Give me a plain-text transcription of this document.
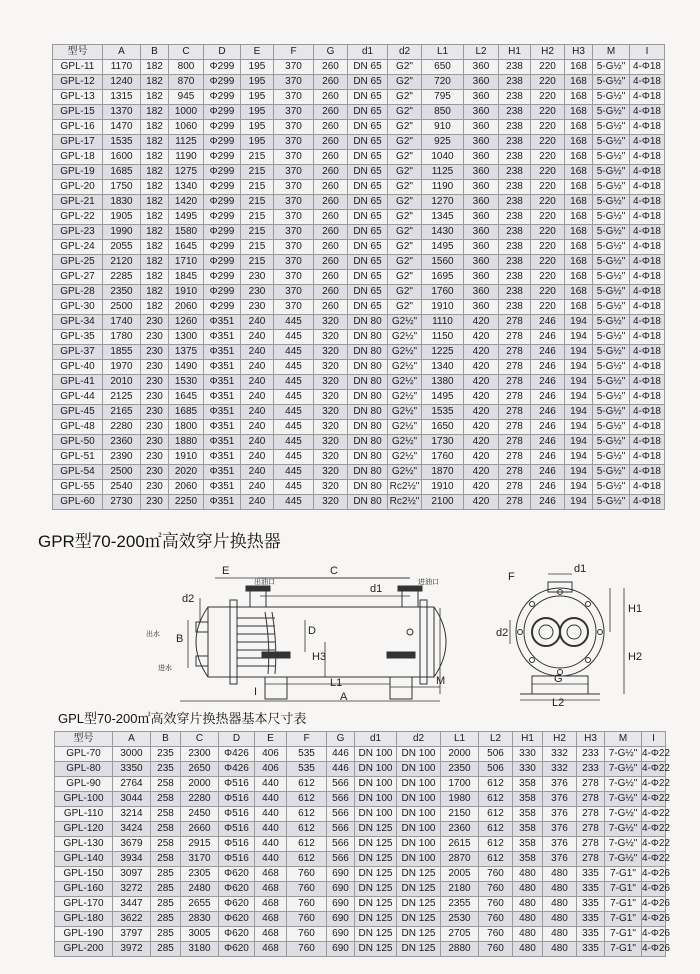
型号	A	B	C	D	E	F	G	d1	d2	L1	L2	H1	H2	H3	M	I
GPL-11	1170	182	800	Φ299	195	370	260	DN 65	G2"	650	360	238	220	168	5-G½"	4-Φ18
GPL-12	1240	182	870	Φ299	195	370	260	DN 65	G2"	720	360	238	220	168	5-G½"	4-Φ18
GPL-13	1315	182	945	Φ299	195	370	260	DN 65	G2"	795	360	238	220	168	5-G½"	4-Φ18
GPL-15	1370	182	1000	Φ299	195	370	260	DN 65	G2"	850	360	238	220	168	5-G½"	4-Φ18
GPL-16	1470	182	1060	Φ299	195	370	260	DN 65	G2"	910	360	238	220	168	5-G½"	4-Φ18
GPL-17	1535	182	1125	Φ299	195	370	260	DN 65	G2"	925	360	238	220	168	5-G½"	4-Φ18
GPL-18	1600	182	1190	Φ299	215	370	260	DN 65	G2"	1040	360	238	220	168	5-G½"	4-Φ18
GPL-19	1685	182	1275	Φ299	215	370	260	DN 65	G2"	1125	360	238	220	168	5-G½"	4-Φ18
GPL-20	1750	182	1340	Φ299	215	370	260	DN 65	G2"	1190	360	238	220	168	5-G½"	4-Φ18
GPL-21	1830	182	1420	Φ299	215	370	260	DN 65	G2"	1270	360	238	220	168	5-G½"	4-Φ18
GPL-22	1905	182	1495	Φ299	215	370	260	DN 65	G2"	1345	360	238	220	168	5-G½"	4-Φ18
GPL-23	1990	182	1580	Φ299	215	370	260	DN 65	G2"	1430	360	238	220	168	5-G½"	4-Φ18
GPL-24	2055	182	1645	Φ299	215	370	260	DN 65	G2"	1495	360	238	220	168	5-G½"	4-Φ18
GPL-25	2120	182	1710	Φ299	215	370	260	DN 65	G2"	1560	360	238	220	168	5-G½"	4-Φ18
GPL-27	2285	182	1845	Φ299	230	370	260	DN 65	G2"	1695	360	238	220	168	5-G½"	4-Φ18
GPL-28	2350	182	1910	Φ299	230	370	260	DN 65	G2"	1760	360	238	220	168	5-G½"	4-Φ18
GPL-30	2500	182	2060	Φ299	230	370	260	DN 65	G2"	1910	360	238	220	168	5-G½"	4-Φ18
GPL-34	1740	230	1260	Φ351	240	445	320	DN 80	G2½"	1110	420	278	246	194	5-G½"	4-Φ18
GPL-35	1780	230	1300	Φ351	240	445	320	DN 80	G2½"	1150	420	278	246	194	5-G½"	4-Φ18
GPL-37	1855	230	1375	Φ351	240	445	320	DN 80	G2½"	1225	420	278	246	194	5-G½"	4-Φ18
GPL-40	1970	230	1490	Φ351	240	445	320	DN 80	G2½"	1340	420	278	246	194	5-G½"	4-Φ18
GPL-41	2010	230	1530	Φ351	240	445	320	DN 80	G2½"	1380	420	278	246	194	5-G½"	4-Φ18
GPL-44	2125	230	1645	Φ351	240	445	320	DN 80	G2½"	1495	420	278	246	194	5-G½"	4-Φ18
GPL-45	2165	230	1685	Φ351	240	445	320	DN 80	G2½"	1535	420	278	246	194	5-G½"	4-Φ18
GPL-48	2280	230	1800	Φ351	240	445	320	DN 80	G2½"	1650	420	278	246	194	5-G½"	4-Φ18
GPL-50	2360	230	1880	Φ351	240	445	320	DN 80	G2½"	1730	420	278	246	194	5-G½"	4-Φ18
GPL-51	2390	230	1910	Φ351	240	445	320	DN 80	G2½"	1760	420	278	246	194	5-G½"	4-Φ18
GPL-54	2500	230	2020	Φ351	240	445	320	DN 80	G2½"	1870	420	278	246	194	5-G½"	4-Φ18
GPL-55	2540	230	2060	Φ351	240	445	320	DN 80	Rc2½"	1910	420	278	246	194	5-G½"	4-Φ18
GPL-60	2730	230	2250	Φ351	240	445	320	DN 80	Rc2½"	2100	420	278	246	194	5-G½"	4-Φ18
GPR型70-200㎡高效穿片换热器
E	C
d1
d2
B
D
H3
L1
A
M
I
出油口	进油口
出水
进水
F
d1
H1
H2
d2
G
L2
GPL型70-200㎡高效穿片换热器基本尺寸表
型号	A	B	C	D	E	F	G	d1	d2	L1	L2	H1	H2	H3	M	I
GPL-70	3000	235	2300	Φ426	406	535	446	DN 100	DN 100	2000	506	330	332	233	7-G½"	4-Φ22
GPL-80	3350	235	2650	Φ426	406	535	446	DN 100	DN 100	2350	506	330	332	233	7-G½"	4-Φ22
GPL-90	2764	258	2000	Φ516	440	612	566	DN 100	DN 100	1700	612	358	376	278	7-G½"	4-Φ22
GPL-100	3044	258	2280	Φ516	440	612	566	DN 100	DN 100	1980	612	358	376	278	7-G½"	4-Φ22
GPL-110	3214	258	2450	Φ516	440	612	566	DN 100	DN 100	2150	612	358	376	278	7-G½"	4-Φ22
GPL-120	3424	258	2660	Φ516	440	612	566	DN 125	DN 100	2360	612	358	376	278	7-G½"	4-Φ22
GPL-130	3679	258	2915	Φ516	440	612	566	DN 125	DN 100	2615	612	358	376	278	7-G½"	4-Φ22
GPL-140	3934	258	3170	Φ516	440	612	566	DN 125	DN 100	2870	612	358	376	278	7-G½"	4-Φ22
GPL-150	3097	285	2305	Φ620	468	760	690	DN 125	DN 125	2005	760	480	480	335	7-G1"	4-Φ26
GPL-160	3272	285	2480	Φ620	468	760	690	DN 125	DN 125	2180	760	480	480	335	7-G1"	4-Φ26
GPL-170	3447	285	2655	Φ620	468	760	690	DN 125	DN 125	2355	760	480	480	335	7-G1"	4-Φ26
GPL-180	3622	285	2830	Φ620	468	760	690	DN 125	DN 125	2530	760	480	480	335	7-G1"	4-Φ26
GPL-190	3797	285	3005	Φ620	468	760	690	DN 125	DN 125	2705	760	480	480	335	7-G1"	4-Φ26
GPL-200	3972	285	3180	Φ620	468	760	690	DN 125	DN 125	2880	760	480	480	335	7-G1"	4-Φ26
